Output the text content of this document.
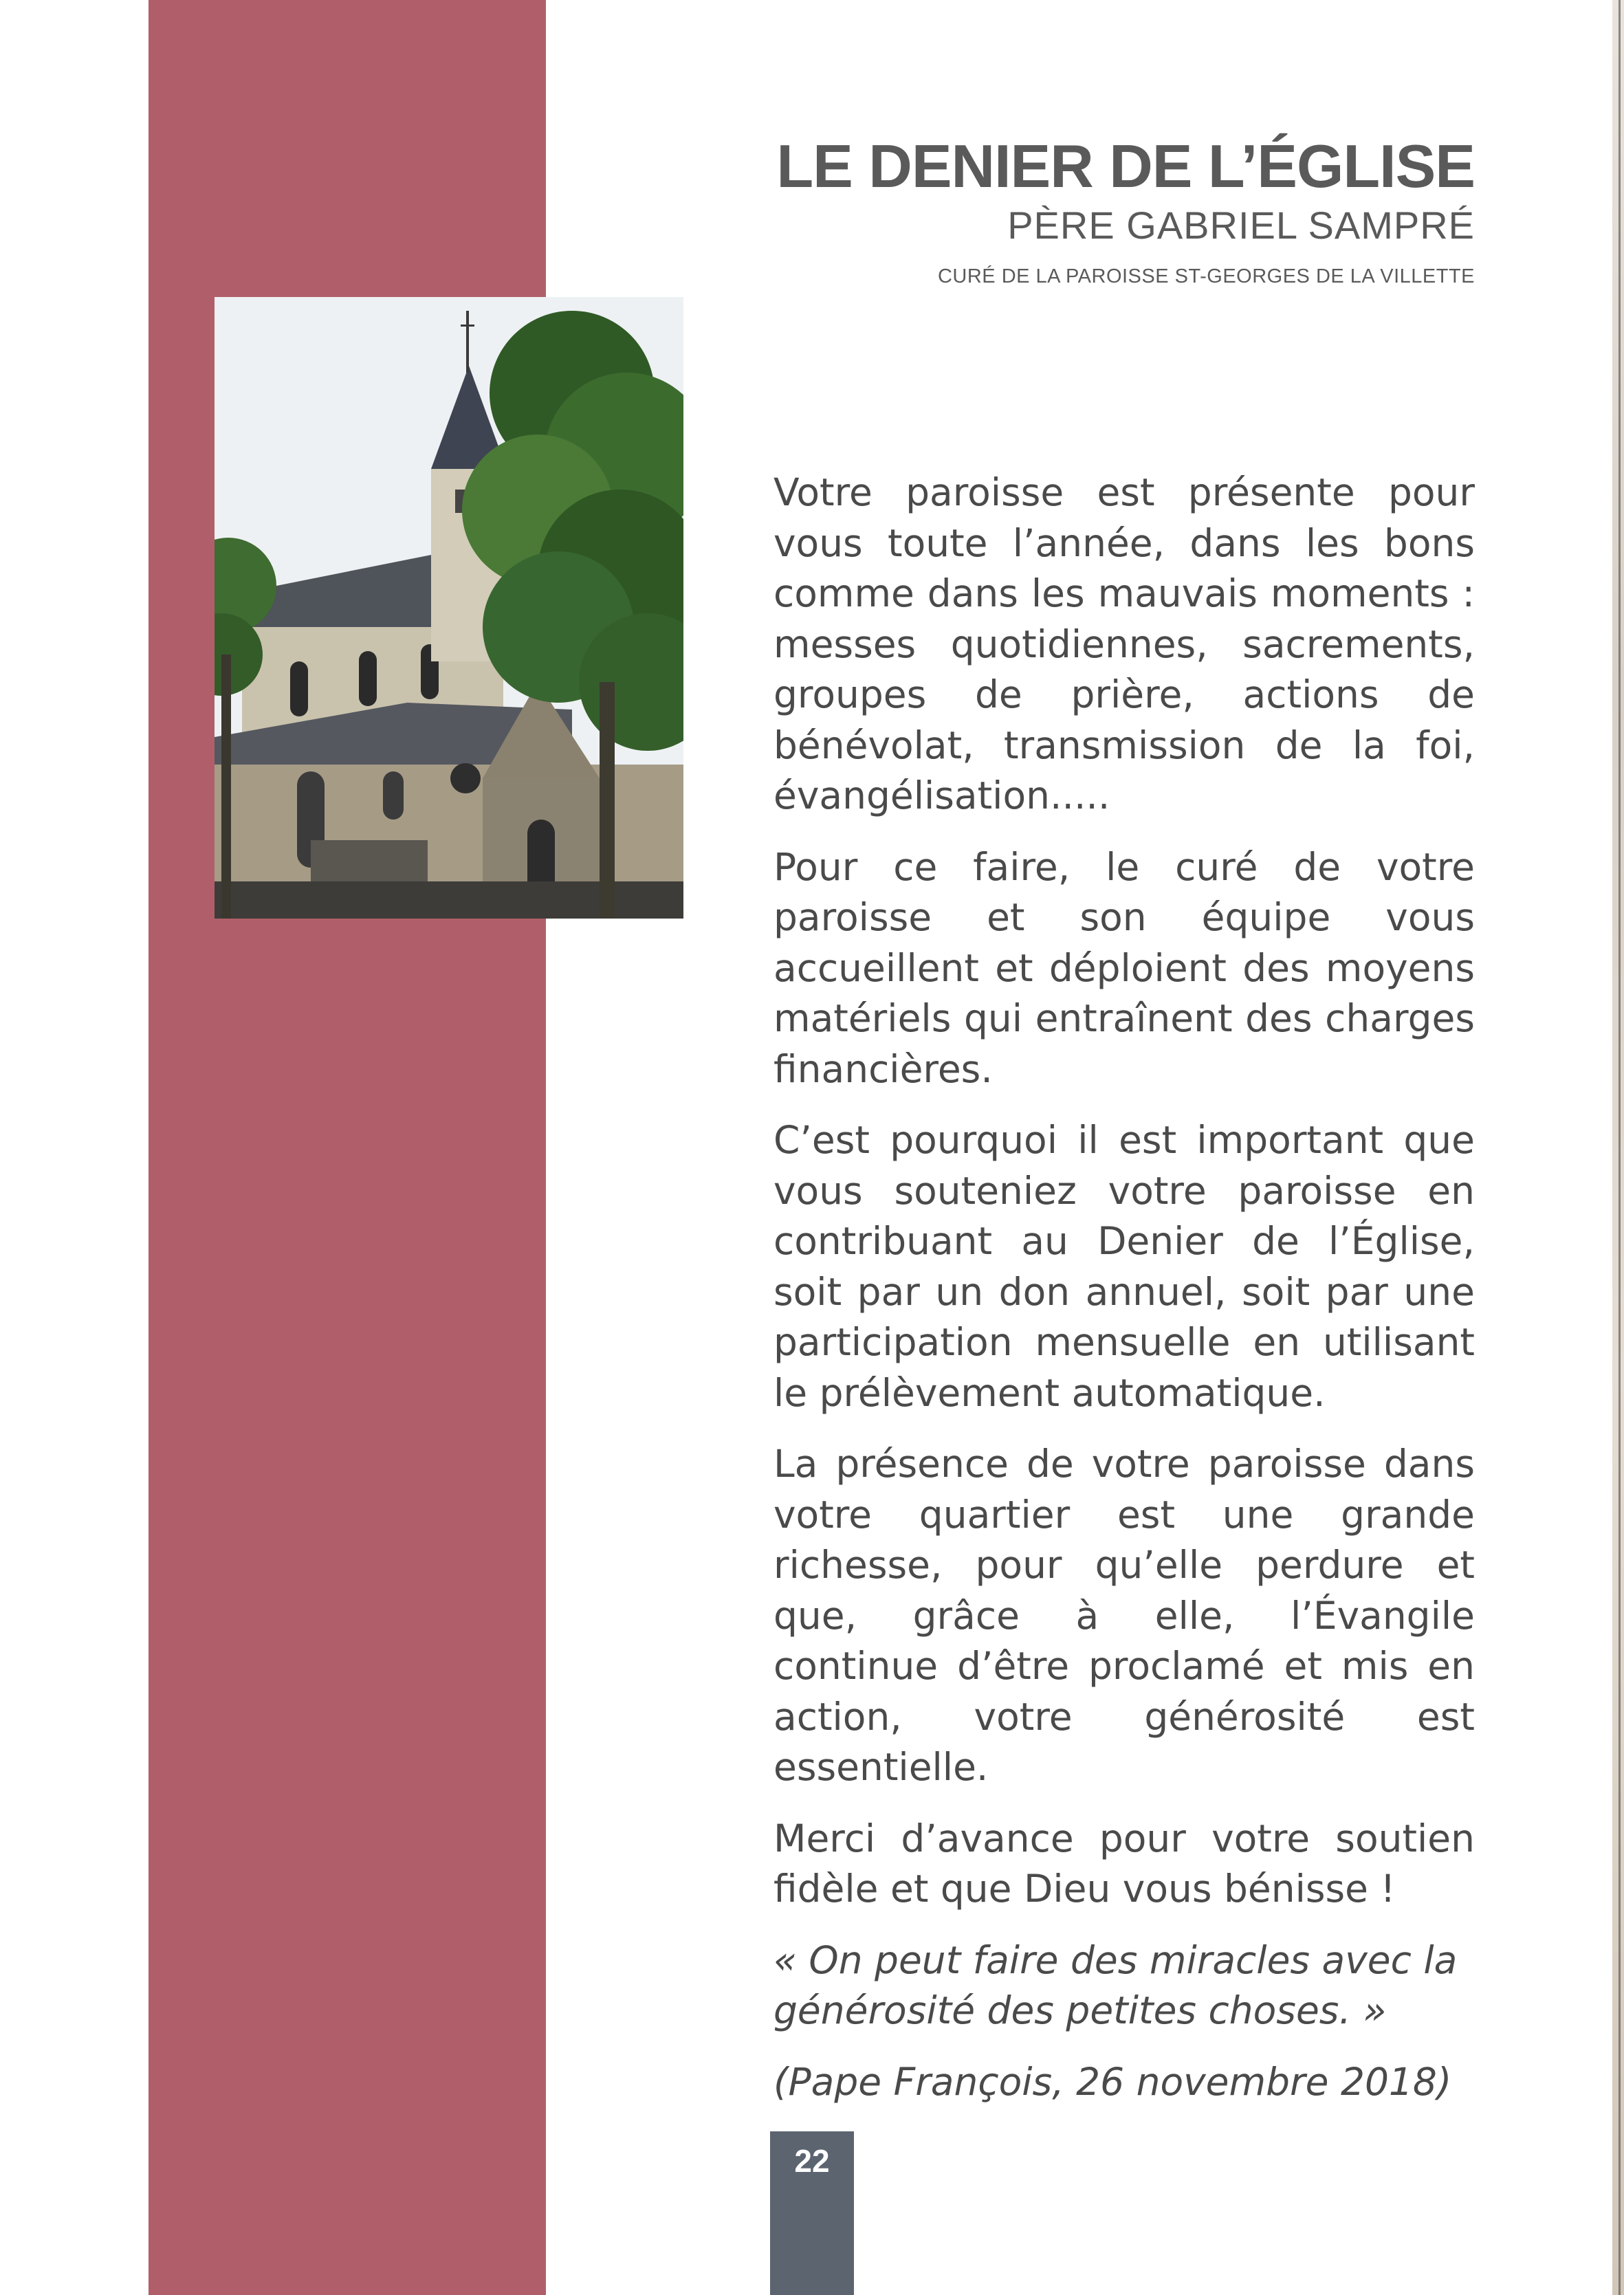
LE DENIER DE L’ÉGLISE
PÈRE GABRIEL SAMPRÉ
CURÉ DE LA PAROISSE ST-GEORGES DE LA VILLETTE

Votre paroisse est présente pour vous toute l’année, dans les bons comme dans les mauvais moments : messes quotidiennes, sacrements, groupes de prière, actions de bénévolat, transmission de la foi, évangélisation.....

Pour ce faire, le curé de votre paroisse et son équipe vous accueillent et déploient des moyens matériels qui entraînent des charges financières.

C’est pourquoi il est important que vous souteniez votre paroisse en contribuant au Denier de l’Église, soit par un don annuel, soit par une participation mensuelle en utilisant le prélèvement automatique.

La présence de votre paroisse dans votre quartier est une grande richesse, pour qu’elle perdure et que, grâce à elle, l’Évangile continue d’être proclamé et mis en action, votre générosité est essentielle.

Merci d’avance pour votre soutien fidèle et que Dieu vous bénisse !

« On peut faire des miracles avec la générosité des petites choses. »

(Pape François, 26 novembre 2018)

22
